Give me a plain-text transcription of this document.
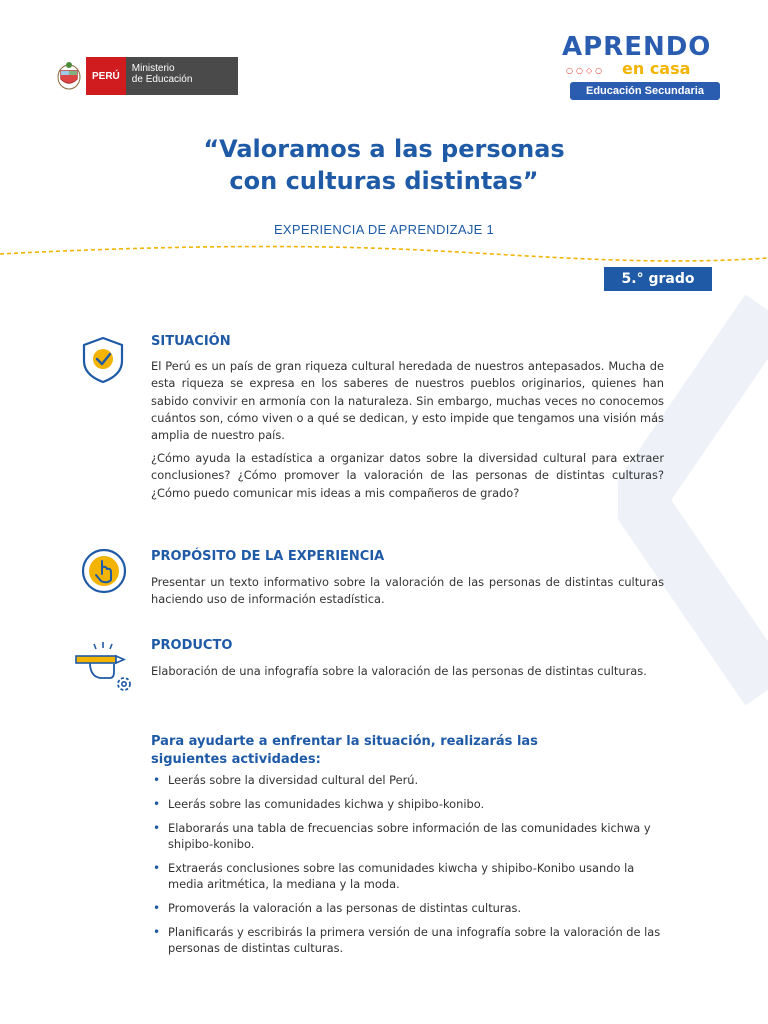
PERÚ
Ministerio
de Educación
APRENDO
○○◇○ en casa
Educación Secundaria
“Valoramos a las personas
con culturas distintas”
EXPERIENCIA DE APRENDIZAJE 1
5.° grado
SITUACIÓN

El Perú es un país de gran riqueza cultural heredada de nuestros antepasados. Mucha de esta riqueza se expresa en los saberes de nuestros pueblos originarios, quienes han sabido convivir en armonía con la naturaleza. Sin embargo, muchas veces no conocemos cuántos son, cómo viven o a qué se dedican, y esto impide que tengamos una visión más amplia de nuestro país.

¿Cómo ayuda la estadística a organizar datos sobre la diversidad cultural para extraer conclusiones? ¿Cómo promover la valoración de las personas de distintas culturas? ¿Cómo puedo comunicar mis ideas a mis compañeros de grado?

PROPÓSITO DE LA EXPERIENCIA

Presentar un texto informativo sobre la valoración de las personas de distintas culturas haciendo uso de información estadística.

PRODUCTO

Elaboración de una infografía sobre la valoración de las personas de distintas culturas.

Para ayudarte a enfrentar la situación, realizarás las siguientes actividades:
• Leerás sobre la diversidad cultural del Perú.
• Leerás sobre las comunidades kichwa y shipibo-konibo.
• Elaborarás una tabla de frecuencias sobre información de las comunidades kichwa y shipibo-konibo.
• Extraerás conclusiones sobre las comunidades kiwcha y shipibo-Konibo usando la media aritmética, la mediana y la moda.
• Promoverás la valoración a las personas de distintas culturas.
• Planificarás y escribirás la primera versión de una infografía sobre la valoración de las personas de distintas culturas.
